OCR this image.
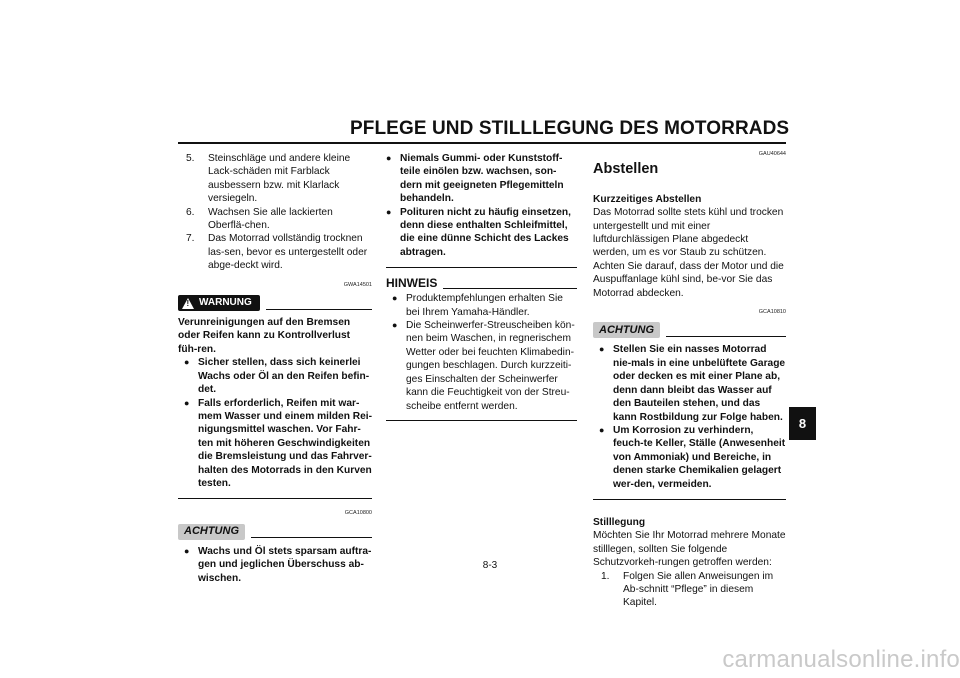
PFLEGE UND STILLLEGUNG DES MOTORRADS
5.	Steinschläge und andere kleine Lack-schäden mit Farblack ausbessern bzw. mit Klarlack versiegeln.
6.	Wachsen Sie alle lackierten Oberflä-chen.
7.	Das Motorrad vollständig trocknen las-sen, bevor es untergestellt oder abge-deckt wird.
GWA14501
! WARNUNG
Verunreinigungen auf den Bremsen oder Reifen kann zu Kontrollverlust füh-ren.
● Sicher stellen, dass sich keinerlei Wachs oder Öl an den Reifen befin-det.
● Falls erforderlich, Reifen mit war-mem Wasser und einem milden Rei-nigungsmittel waschen. Vor Fahr-ten mit höheren Geschwindigkeiten die Bremsleistung und das Fahrver-halten des Motorrads in den Kurven testen.
GCA10800
ACHTUNG
● Wachs und Öl stets sparsam auftra-gen und jeglichen Überschuss ab-wischen.
● Niemals Gummi- oder Kunststoff-teile einölen bzw. wachsen, son-dern mit geeigneten Pflegemitteln behandeln.
● Polituren nicht zu häufig einsetzen, denn diese enthalten Schleifmittel, die eine dünne Schicht des Lackes abtragen.
HINWEIS
● Produktempfehlungen erhalten Sie bei Ihrem Yamaha-Händler.
● Die Scheinwerfer-Streuscheiben kön-nen beim Waschen, in regnerischem Wetter oder bei feuchten Klimabedin-gungen beschlagen. Durch kurzzeiti-ges Einschalten der Scheinwerfer kann die Feuchtigkeit von der Streu-scheibe entfernt werden.
GAU40644
Abstellen
Kurzzeitiges Abstellen
Das Motorrad sollte stets kühl und trocken untergestellt und mit einer luftdurchlässigen Plane abgedeckt werden, um es vor Staub zu schützen. Achten Sie darauf, dass der Motor und die Auspuffanlage kühl sind, be-vor Sie das Motorrad abdecken.
GCA10810
ACHTUNG
● Stellen Sie ein nasses Motorrad nie-mals in eine unbelüftete Garage oder decken es mit einer Plane ab, denn dann bleibt das Wasser auf den Bauteilen stehen, und das kann Rostbildung zur Folge haben.
● Um Korrosion zu verhindern, feuch-te Keller, Ställe (Anwesenheit von Ammoniak) und Bereiche, in denen starke Chemikalien gelagert wer-den, vermeiden.
Stilllegung
Möchten Sie Ihr Motorrad mehrere Monate stilllegen, sollten Sie folgende Schutzvorkeh-rungen getroffen werden:
1.	Folgen Sie allen Anweisungen im Ab-schnitt “Pflege” in diesem Kapitel.
8
8-3
carmanualsonline.info
